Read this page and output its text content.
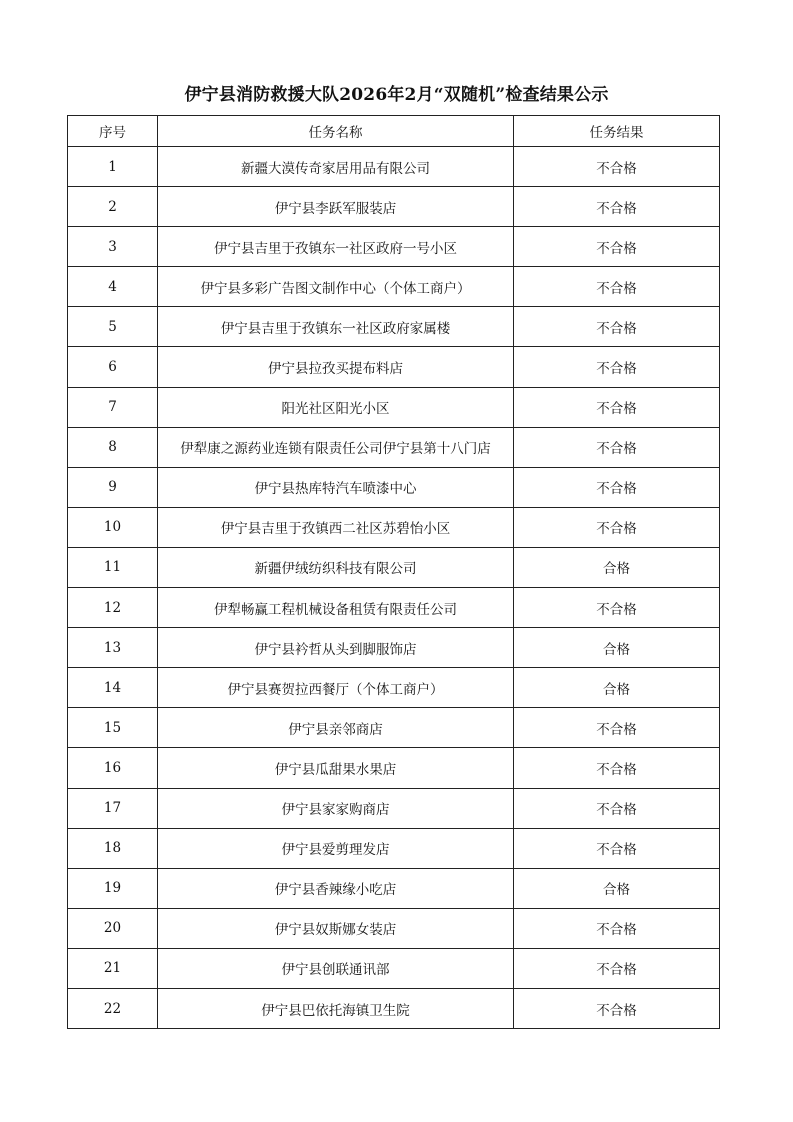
伊宁县消防救援大队2026年2月“双随机”检查结果公示
序号	任务名称	任务结果
1	新疆大漠传奇家居用品有限公司	不合格
2	伊宁县李跃军服装店	不合格
3	伊宁县吉里于孜镇东一社区政府一号小区	不合格
4	伊宁县多彩广告图文制作中心（个体工商户）	不合格
5	伊宁县吉里于孜镇东一社区政府家属楼	不合格
6	伊宁县拉孜买提布料店	不合格
7	阳光社区阳光小区	不合格
8	伊犁康之源药业连锁有限责任公司伊宁县第十八门店	不合格
9	伊宁县热库特汽车喷漆中心	不合格
10	伊宁县吉里于孜镇西二社区苏碧怡小区	不合格
11	新疆伊绒纺织科技有限公司	合格
12	伊犁畅赢工程机械设备租赁有限责任公司	不合格
13	伊宁县衿哲从头到脚服饰店	合格
14	伊宁县赛贺拉西餐厅（个体工商户）	合格
15	伊宁县亲邻商店	不合格
16	伊宁县瓜甜果水果店	不合格
17	伊宁县家家购商店	不合格
18	伊宁县爱剪理发店	不合格
19	伊宁县香辣缘小吃店	合格
20	伊宁县奴斯娜女装店	不合格
21	伊宁县创联通讯部	不合格
22	伊宁县巴依托海镇卫生院	不合格
